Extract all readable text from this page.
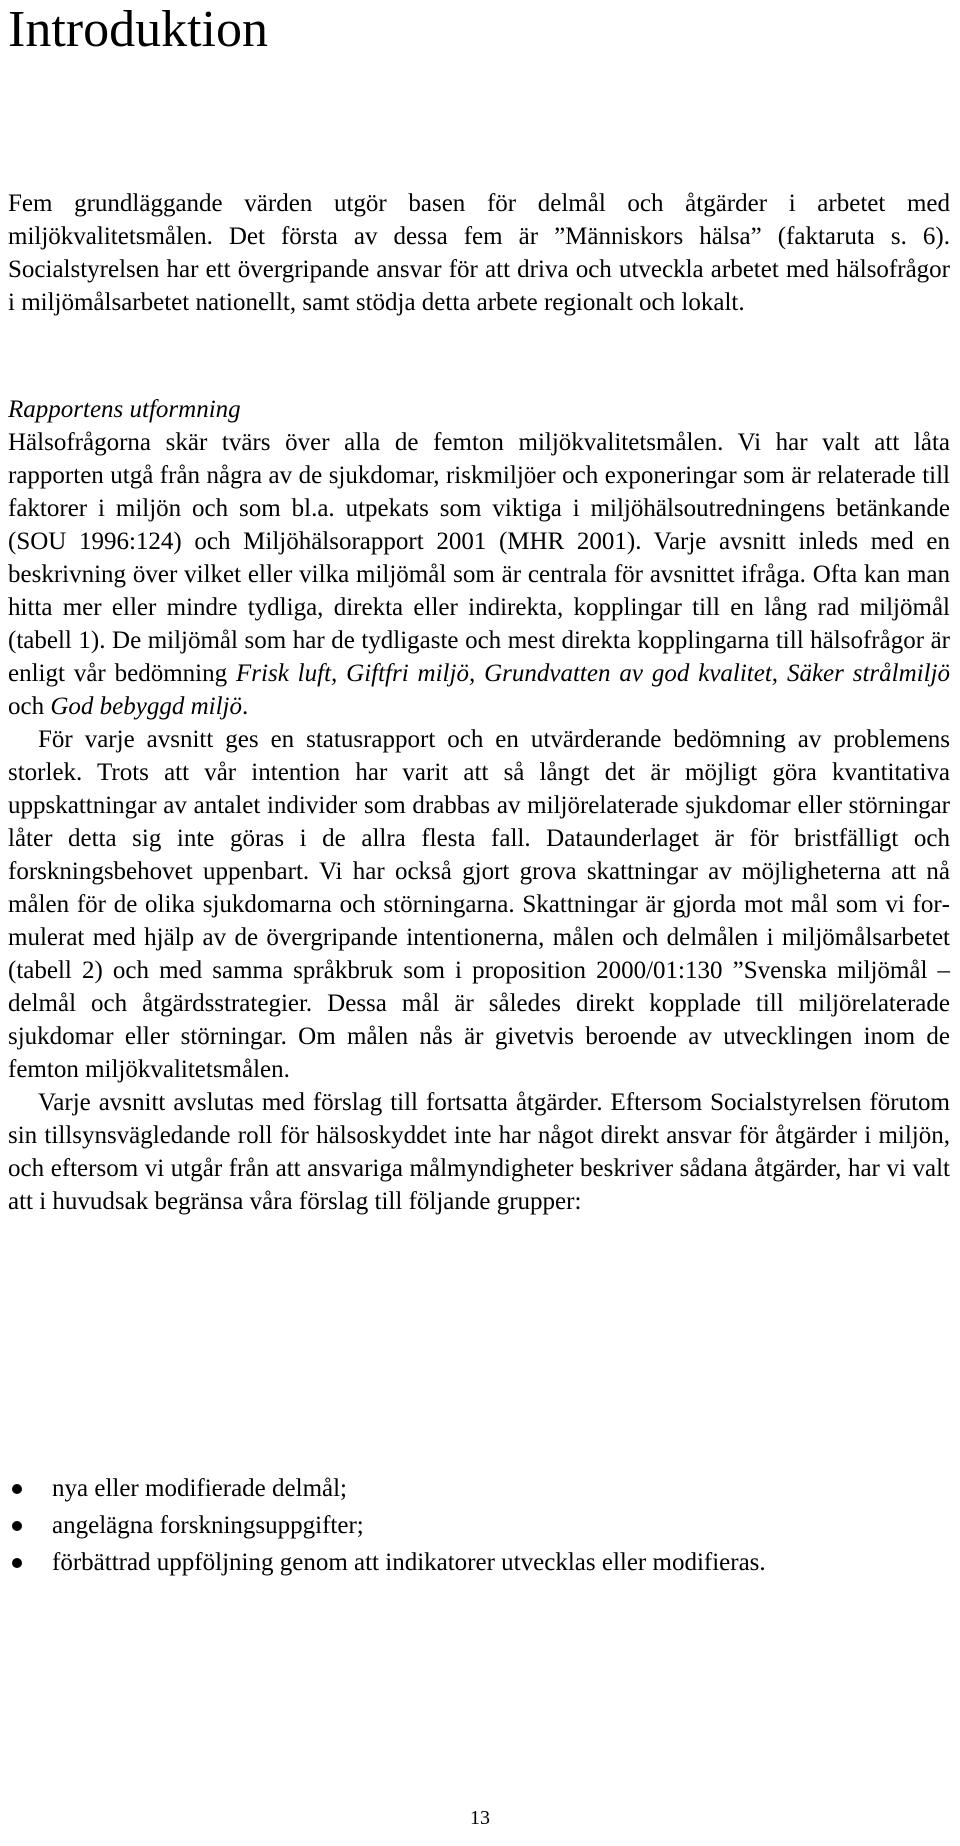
Introduktion

Fem grundläggande värden utgör basen för delmål och åtgärder i arbetet med miljökvalitetsmålen. Det första av dessa fem är ”Människors hälsa” (faktaruta s. 6). Socialstyrelsen har ett övergripande ansvar för att driva och utveckla arbetet med hälsofrågor i miljömålsarbetet nationellt, samt stödja detta arbete regionalt och lokalt.

Rapportens utformning
Hälsofrågorna skär tvärs över alla de femton miljökvalitetsmålen. Vi har valt att låta rapporten utgå från några av de sjukdomar, riskmiljöer och exponeringar som är relaterade till faktorer i miljön och som bl.a. utpekats som viktiga i miljöhälsoutredningens betänkande (SOU 1996:124) och Miljöhälsorapport 2001 (MHR 2001). Varje avsnitt inleds med en beskrivning över vilket eller vilka miljömål som är centrala för avsnittet ifråga. Ofta kan man hitta mer eller mindre tydliga, direkta eller indirekta, kopplingar till en lång rad miljömål (tabell 1). De miljömål som har de tydligaste och mest direkta kopplingarna till hälsofrågor är enligt vår bedömning Frisk luft, Giftfri miljö, Grundvatten av god kvalitet, Säker strålmiljö och God bebyggd miljö.
För varje avsnitt ges en statusrapport och en utvärderande bedömning av problemens storlek. Trots att vår intention har varit att så långt det är möjligt göra kvantitativa uppskattningar av antalet individer som drabbas av miljörelaterade sjukdomar eller störningar låter detta sig inte göras i de allra flesta fall. Dataunderlaget är för bristfälligt och forskningsbehovet uppenbart. Vi har också gjort grova skattningar av möjligheterna att nå målen för de olika sjukdomarna och störningarna. Skattningar är gjorda mot mål som vi formulerat med hjälp av de övergripande intentionerna, målen och delmålen i miljömålsarbetet (tabell 2) och med samma språkbruk som i proposition 2000/01:130 ”Svenska miljömål – delmål och åtgärdsstrategier. Dessa mål är således direkt kopplade till miljörelaterade sjukdomar eller störningar. Om målen nås är givetvis beroende av utvecklingen inom de femton miljökvalitetsmålen.
Varje avsnitt avslutas med förslag till fortsatta åtgärder. Eftersom Socialstyrelsen förutom sin tillsynsvägledande roll för hälsoskyddet inte har något direkt ansvar för åtgärder i miljön, och eftersom vi utgår från att ansvariga målmyndigheter beskriver sådana åtgärder, har vi valt att i huvudsak begränsa våra förslag till följande grupper:
nya eller modifierade delmål;
angelägna forskningsuppgifter;
förbättrad uppföljning genom att indikatorer utvecklas eller modifieras.
13
